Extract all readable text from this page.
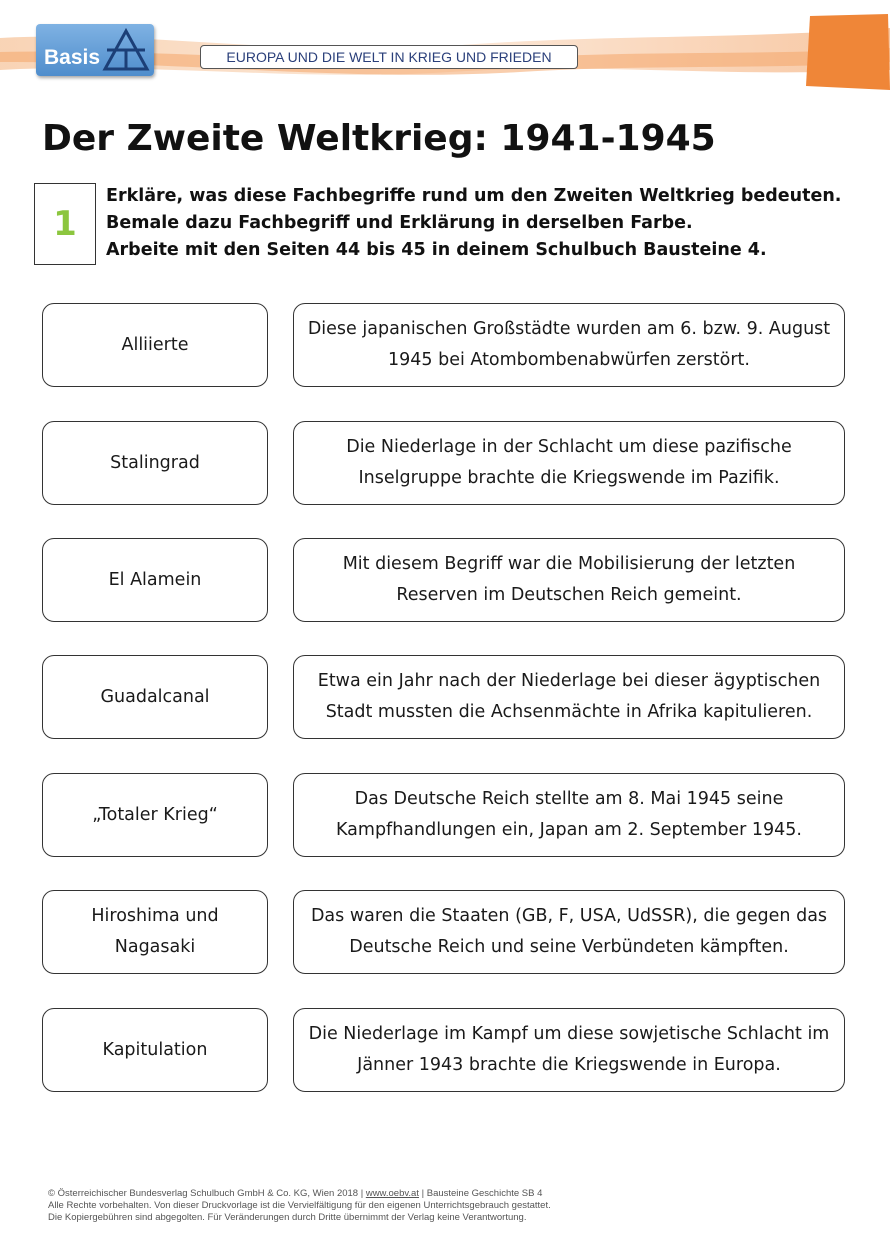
Basis	EUROPA UND DIE WELT IN KRIEG UND FRIEDEN
Der Zweite Weltkrieg: 1941-1945
1
Erkläre, was diese Fachbegriffe rund um den Zweiten Weltkrieg bedeuten.
Bemale dazu Fachbegriff und Erklärung in derselben Farbe.
Arbeite mit den Seiten 44 bis 45 in deinem Schulbuch Bausteine 4.
Alliierte
Diese japanischen Großstädte wurden am 6. bzw. 9. August 1945 bei Atombombenabwürfen zerstört.
Stalingrad
Die Niederlage in der Schlacht um diese pazifische Inselgruppe brachte die Kriegswende im Pazifik.
El Alamein
Mit diesem Begriff war die Mobilisierung der letzten Reserven im Deutschen Reich gemeint.
Guadalcanal
Etwa ein Jahr nach der Niederlage bei dieser ägyptischen Stadt mussten die Achsenmächte in Afrika kapitulieren.
„Totaler Krieg“
Das Deutsche Reich stellte am 8. Mai 1945 seine Kampfhandlungen ein, Japan am 2. September 1945.
Hiroshima und Nagasaki
Das waren die Staaten (GB, F, USA, UdSSR), die gegen das Deutsche Reich und seine Verbündeten kämpften.
Kapitulation
Die Niederlage im Kampf um diese sowjetische Schlacht im Jänner 1943 brachte die Kriegswende in Europa.
© Österreichischer Bundesverlag Schulbuch GmbH & Co. KG, Wien 2018 | www.oebv.at | Bausteine Geschichte SB 4
Alle Rechte vorbehalten. Von dieser Druckvorlage ist die Vervielfältigung für den eigenen Unterrichtsgebrauch gestattet.
Die Kopiergebühren sind abgegolten. Für Veränderungen durch Dritte übernimmt der Verlag keine Verantwortung.
